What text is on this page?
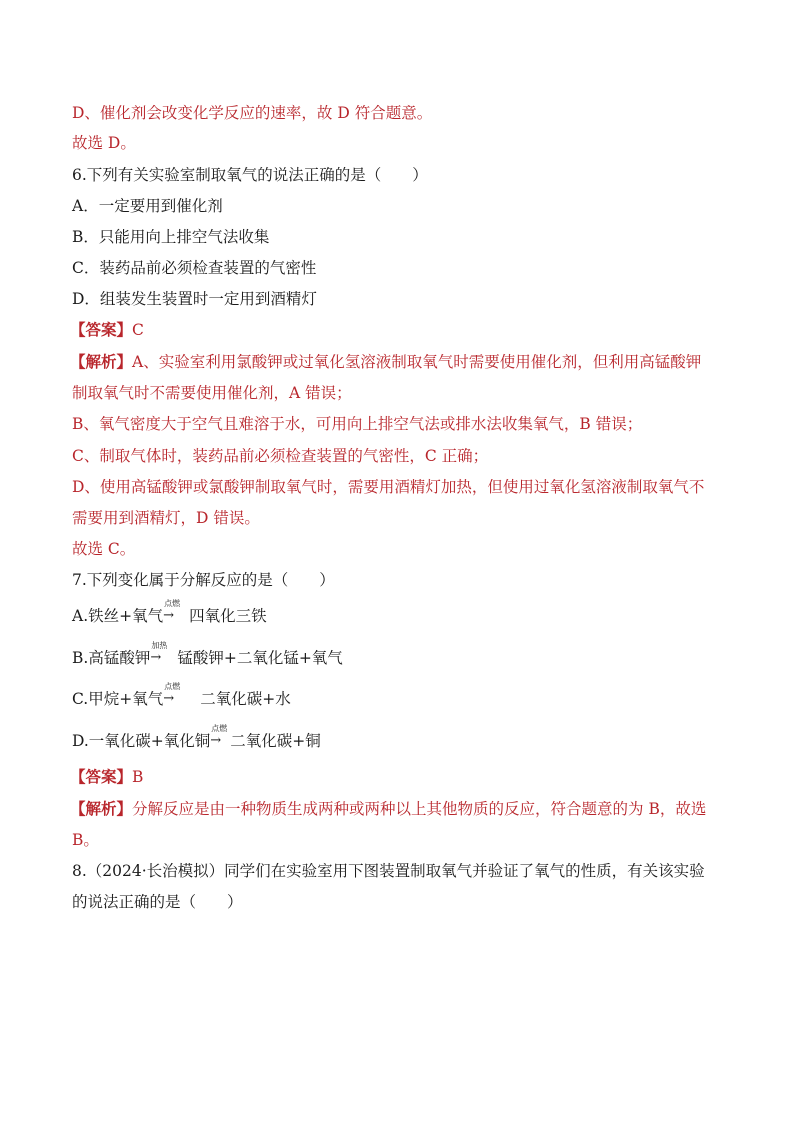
D、催化剂会改变化学反应的速率，故 D 符合题意。
故选 D。
6.下列有关实验室制取氧气的说法正确的是（　　）
A．一定要用到催化剂
B．只能用向上排空气法收集
C．装药品前必须检查装置的气密性
D．组装发生装置时一定用到酒精灯
【答案】C
【解析】A、实验室利用氯酸钾或过氧化氢溶液制取氧气时需要使用催化剂，但利用高锰酸钾
制取氧气时不需要使用催化剂，A 错误；
B、氧气密度大于空气且难溶于水，可用向上排空气法或排水法收集氧气，B 错误；
C、制取气体时，装药品前必须检查装置的气密性，C 正确；
D、使用高锰酸钾或氯酸钾制取氧气时，需要用酒精灯加热，但使用过氧化氢溶液制取氧气不
需要用到酒精灯，D 错误。
故选 C。
7.下列变化属于分解反应的是（　　）
A.铁丝+氧气
点燃
→ 四氧化三铁
B.高锰酸钾
加热
→ 锰酸钾+二氧化锰+氧气
C.甲烷+氧气
点燃
→ 二氧化碳+水
D.一氧化碳+氧化铜
点燃
→ 二氧化碳+铜
【答案】B
【解析】分解反应是由一种物质生成两种或两种以上其他物质的反应，符合题意的为 B，故选
B。
8.（2024·长治模拟）同学们在实验室用下图装置制取氧气并验证了氧气的性质，有关该实验
的说法正确的是（　　）
